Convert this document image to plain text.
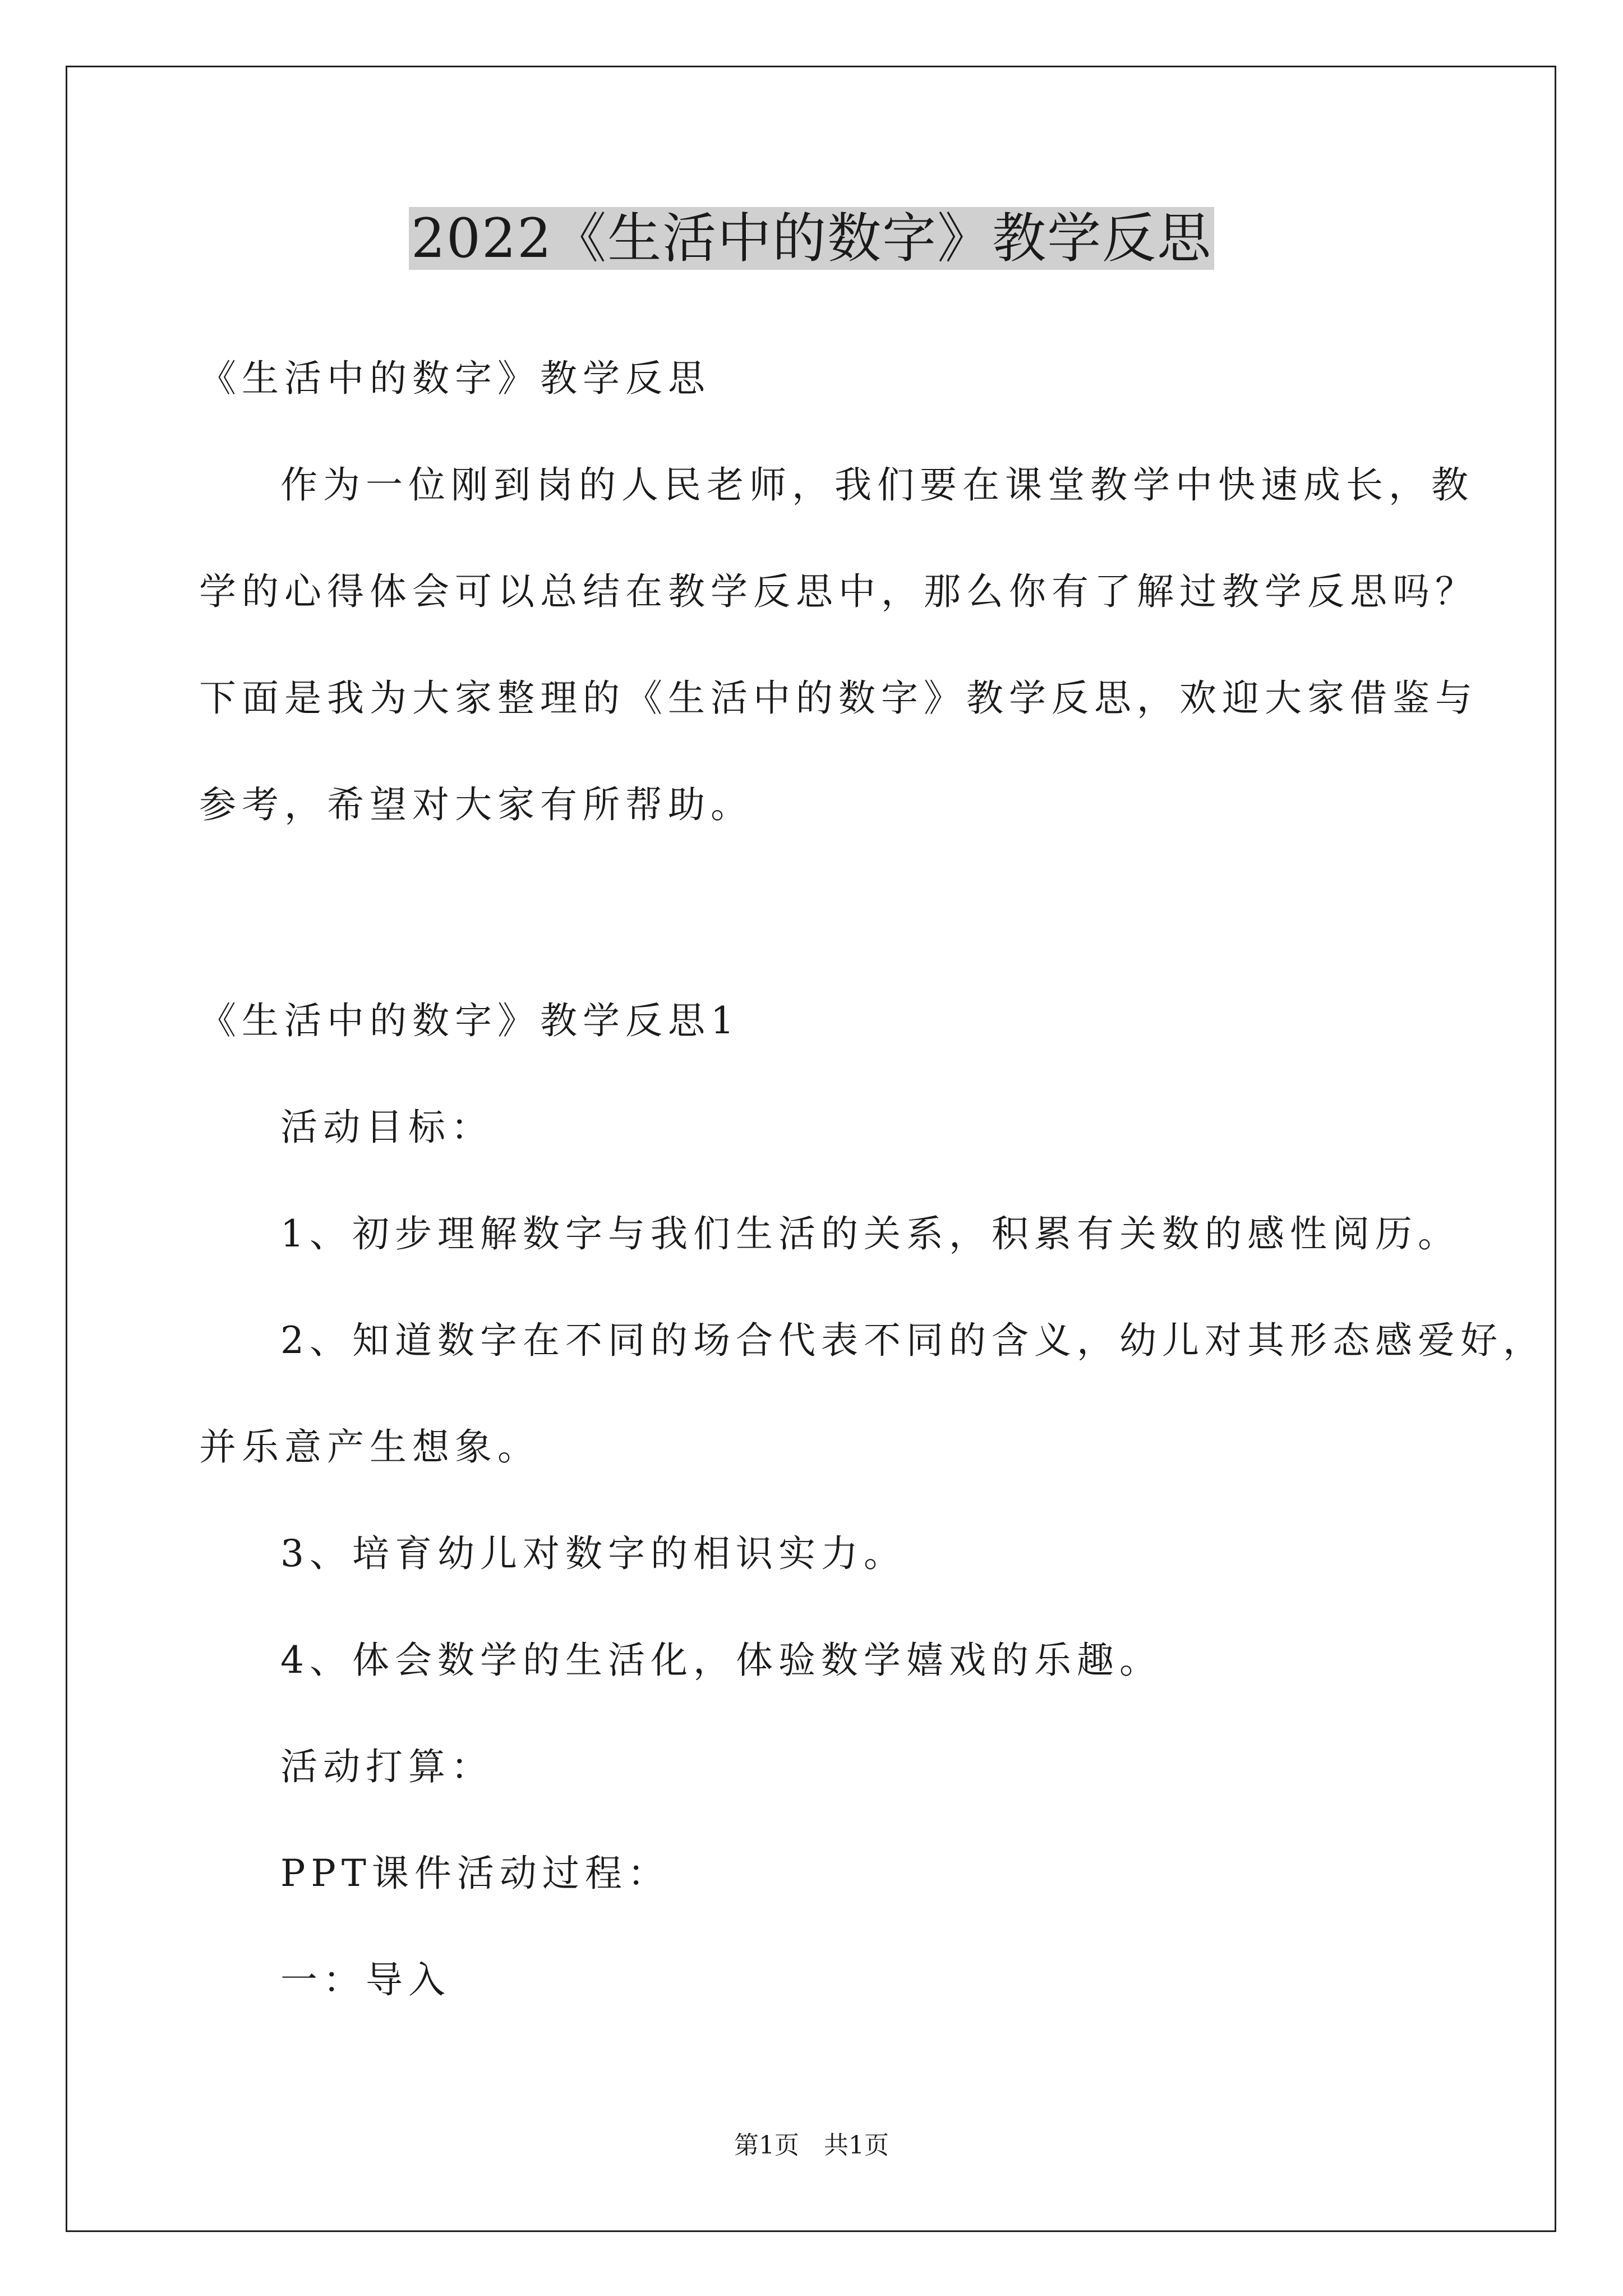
2022《生活中的数字》教学反思
《生活中的数字》教学反思
作为一位刚到岗的人民老师，我们要在课堂教学中快速成长，教
学的心得体会可以总结在教学反思中，那么你有了解过教学反思吗？
下面是我为大家整理的《生活中的数字》教学反思，欢迎大家借鉴与
参考，希望对大家有所帮助。
《生活中的数字》教学反思1
活动目标：
1、初步理解数字与我们生活的关系，积累有关数的感性阅历。
2、知道数字在不同的场合代表不同的含义，幼儿对其形态感爱好，
并乐意产生想象。
3、培育幼儿对数字的相识实力。
4、体会数学的生活化，体验数学嬉戏的乐趣。
活动打算：
PPT课件活动过程：
一：导入
第1页　共1页
